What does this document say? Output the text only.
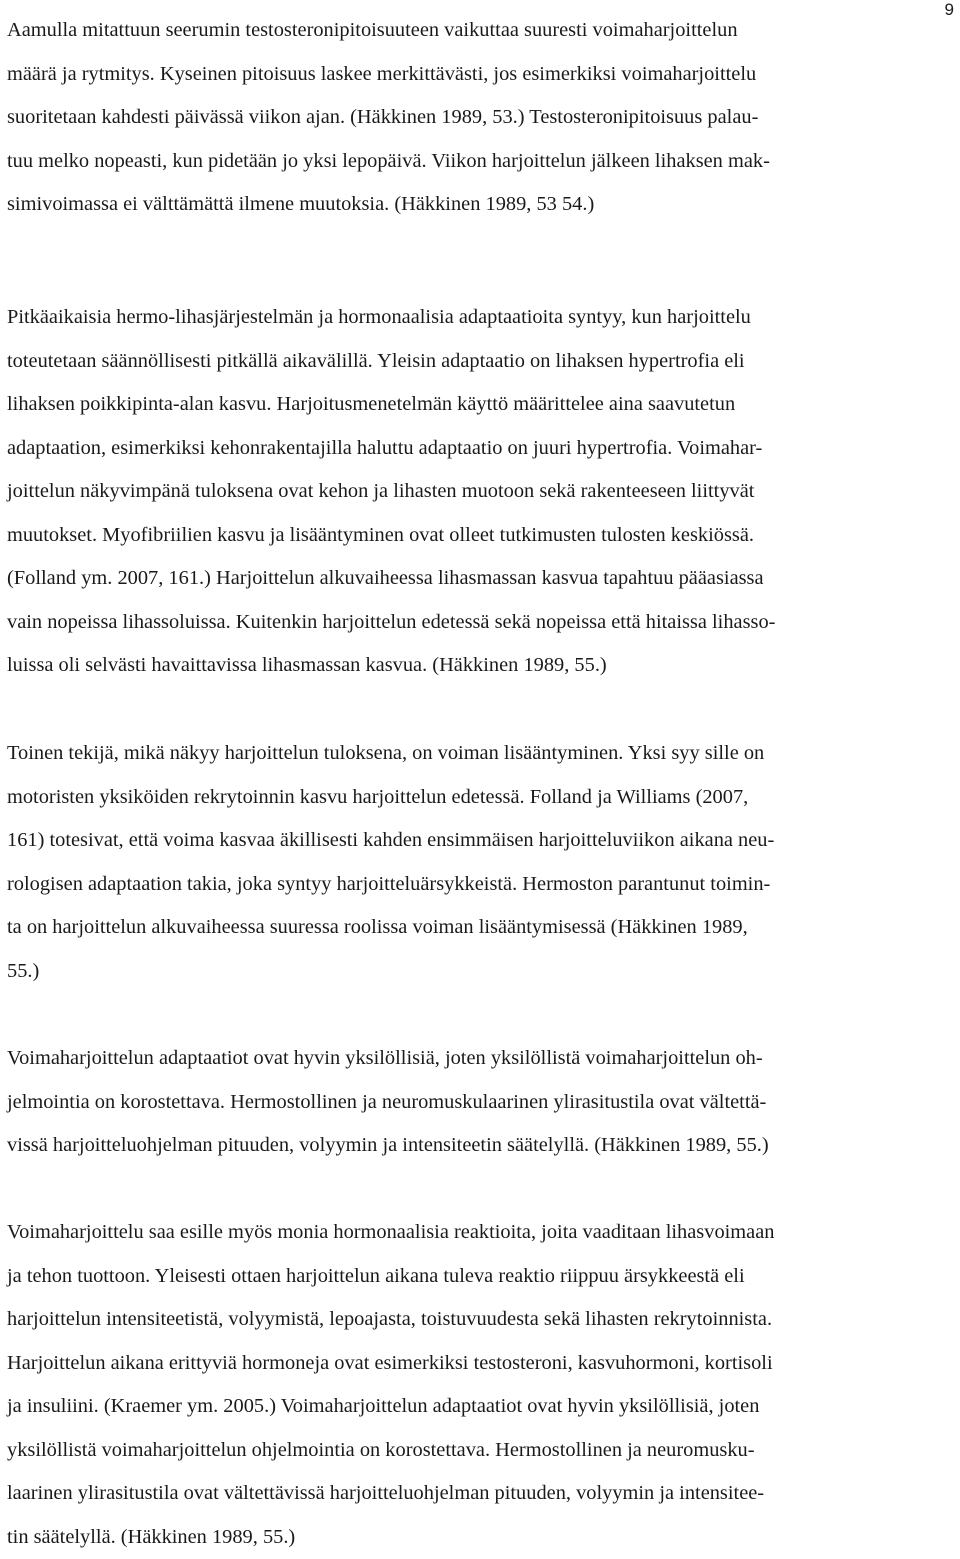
9
Aamulla mitattuun seerumin testosteronipitoisuuteen vaikuttaa suuresti voimaharjoittelun
määrä ja rytmitys. Kyseinen pitoisuus laskee merkittävästi, jos esimerkiksi voimaharjoittelu
suoritetaan kahdesti päivässä viikon ajan. (Häkkinen 1989, 53.) Testosteronipitoisuus palau-
tuu melko nopeasti, kun pidetään jo yksi lepopäivä. Viikon harjoittelun jälkeen lihaksen mak-
simivoimassa ei välttämättä ilmene muutoksia. (Häkkinen 1989, 53 54.)
Pitkäaikaisia hermo-lihasjärjestelmän ja hormonaalisia adaptaatioita syntyy, kun harjoittelu
toteutetaan säännöllisesti pitkällä aikavälillä. Yleisin adaptaatio on lihaksen hypertrofia eli
lihaksen poikkipinta-alan kasvu. Harjoitusmenetelmän käyttö määrittelee aina saavutetun
adaptaation, esimerkiksi kehonrakentajilla haluttu adaptaatio on juuri hypertrofia. Voimahar-
joittelun näkyvimpänä tuloksena ovat kehon ja lihasten muotoon sekä rakenteeseen liittyvät
muutokset. Myofibriilien kasvu ja lisääntyminen ovat olleet tutkimusten tulosten keskiössä.
(Folland ym. 2007, 161.) Harjoittelun alkuvaiheessa lihasmassan kasvua tapahtuu pääasiassa
vain nopeissa lihassoluissa. Kuitenkin harjoittelun edetessä sekä nopeissa että hitaissa lihasso-
luissa oli selvästi havaittavissa lihasmassan kasvua. (Häkkinen 1989, 55.)
Toinen tekijä, mikä näkyy harjoittelun tuloksena, on voiman lisääntyminen. Yksi syy sille on
motoristen yksiköiden rekrytoinnin kasvu harjoittelun edetessä. Folland ja Williams (2007,
161) totesivat, että voima kasvaa äkillisesti kahden ensimmäisen harjoitteluviikon aikana neu-
rologisen adaptaation takia, joka syntyy harjoitteluärsykkeistä. Hermoston parantunut toimin-
ta on harjoittelun alkuvaiheessa suuressa roolissa voiman lisääntymisessä (Häkkinen 1989,
55.)
Voimaharjoittelun adaptaatiot ovat hyvin yksilöllisiä, joten yksilöllistä voimaharjoittelun oh-
jelmointia on korostettava. Hermostollinen ja neuromuskulaarinen ylirasitustila ovat vältettä-
vissä harjoitteluohjelman pituuden, volyymin ja intensiteetin säätelyllä. (Häkkinen 1989, 55.)
Voimaharjoittelu saa esille myös monia hormonaalisia reaktioita, joita vaaditaan lihasvoimaan
ja tehon tuottoon. Yleisesti ottaen harjoittelun aikana tuleva reaktio riippuu ärsykkeestä eli
harjoittelun intensiteetistä, volyymistä, lepoajasta, toistuvuudesta sekä lihasten rekrytoinnista.
Harjoittelun aikana erittyviä hormoneja ovat esimerkiksi testosteroni, kasvuhormoni, kortisoli
ja insuliini. (Kraemer ym. 2005.) Voimaharjoittelun adaptaatiot ovat hyvin yksilöllisiä, joten
yksilöllistä voimaharjoittelun ohjelmointia on korostettava. Hermostollinen ja neuromusku-
laarinen ylirasitustila ovat vältettävissä harjoitteluohjelman pituuden, volyymin ja intensitee-
tin säätelyllä. (Häkkinen 1989, 55.)
